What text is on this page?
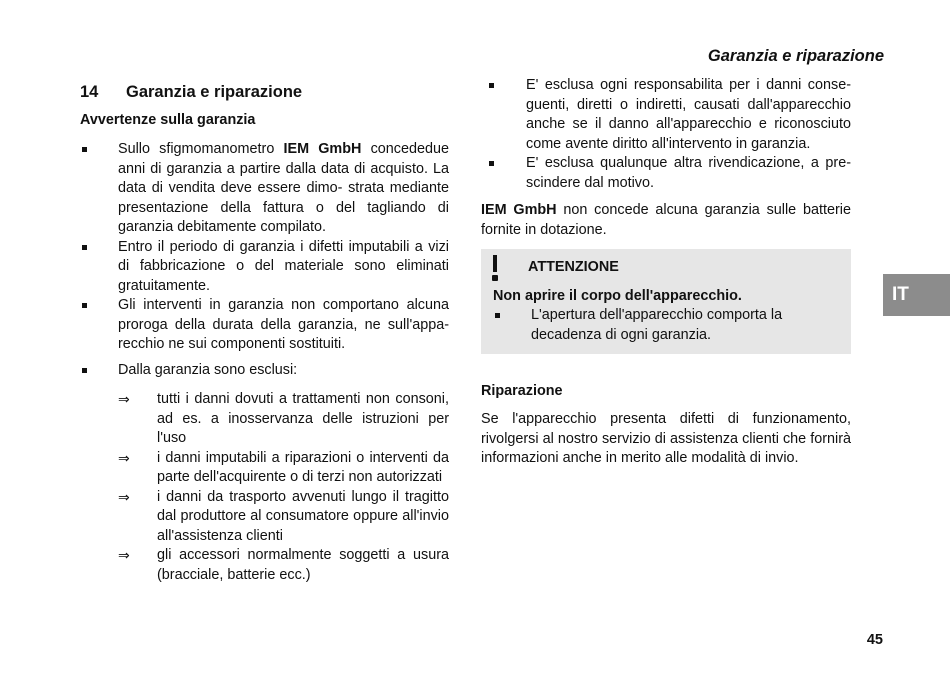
Garanzia e riparazione
IT
45
14 Garanzia e riparazione
Avvertenze sulla garanzia
Sullo sfigmomanometro IEM GmbH concededue anni di garanzia a partire dalla data di acquisto. La data di vendita deve essere dimo- strata mediante presentazione della fattura o del tagliando di garanzia debitamente compilato.
Entro il periodo di garanzia i difetti imputabili a vizi di fabbricazione o del materiale sono eliminati gratuitamente.
Gli interventi in garanzia non comportano alcuna proroga della durata della garanzia, ne sull'appa- recchio ne sui componenti sostituiti.
Dalla garanzia sono esclusi:
⇒ tutti i danni dovuti a trattamenti non consoni, ad es. a inosservanza delle istruzioni per l'uso
⇒ i danni imputabili a riparazioni o interventi da parte dell'acquirente o di terzi non autorizzati
⇒ i danni da trasporto avvenuti lungo il tragitto dal produttore al consumatore oppure all'invio all'assistenza clienti
⇒ gli accessori normalmente soggetti a usura (bracciale, batterie ecc.)
E' esclusa ogni responsabilita per i danni conse- guenti, diretti o indiretti, causati dall'apparecchio anche se il danno all'apparecchio e riconosciuto come avente diritto all'intervento in garanzia.
E' esclusa qualunque altra rivendicazione, a pre- scindere dal motivo.
IEM GmbH non concede alcuna garanzia sulle batterie fornite in dotazione.
ATTENZIONE
Non aprire il corpo dell'apparecchio.
L'apertura dell'apparecchio comporta la decadenza di ogni garanzia.
Riparazione
Se l'apparecchio presenta difetti di funzionamento, rivolgersi al nostro servizio di assistenza clienti che fornirà informazioni anche in merito alle modalità di invio.
